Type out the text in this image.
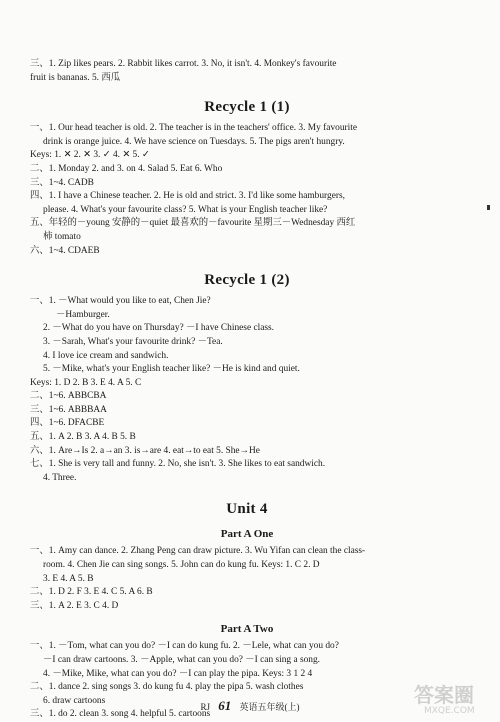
三、1. Zip likes pears. 2. Rabbit likes carrot. 3. No, it isn't. 4. Monkey's favourite
fruit is bananas. 5. 西瓜
Recycle 1 (1)
一、1. Our head teacher is old. 2. The teacher is in the teachers' office. 3. My favourite
drink is orange juice. 4. We have science on Tuesdays. 5. The pigs aren't hungry.
Keys: 1. ✕ 2. ✕ 3. ✓ 4. ✕ 5. ✓
二、1. Monday 2. and 3. on 4. Salad 5. Eat 6. Who
三、1~4. CADB
四、1. I have a Chinese teacher. 2. He is old and strict. 3. I'd like some hamburgers,
please. 4. What's your favourite class? 5. What is your English teacher like?
五、年轻的－young 安静的－quiet 最喜欢的－favourite 星期三－Wednesday 西红
柿 tomato
六、1~4. CDAEB
Recycle 1 (2)
一、1. －What would you like to eat, Chen Jie?
－Hamburger.
2. －What do you have on Thursday? －I have Chinese class.
3. －Sarah, What's your favourite drink? －Tea.
4. I love ice cream and sandwich.
5. －Mike, what's your English teacher like? －He is kind and quiet.
Keys: 1. D 2. B 3. E 4. A 5. C
二、1~6. ABBCBA
三、1~6. ABBBAA
四、1~6. DFACBE
五、1. A 2. B 3. A 4. B 5. B
六、1. Are→Is 2. a→an 3. is→are 4. eat→to eat 5. She→He
七、1. She is very tall and funny. 2. No, she isn't. 3. She likes to eat sandwich.
4. Three.
Unit 4
Part A One
一、1. Amy can dance. 2. Zhang Peng can draw picture. 3. Wu Yifan can clean the class-
room. 4. Chen Jie can sing songs. 5. John can do kung fu. Keys: 1. C 2. D
3. E 4. A 5. B
二、1. D 2. F 3. E 4. C 5. A 6. B
三、1. A 2. E 3. C 4. D
Part A Two
一、1. －Tom, what can you do? －I can do kung fu. 2. －Lele, what can you do?
－I can draw cartoons. 3. －Apple, what can you do? －I can sing a song.
4. －Mike, Mike, what can you do? －I can play the pipa. Keys: 3 1 2 4
二、1. dance 2. sing songs 3. do kung fu 4. play the pipa 5. wash clothes
6. draw cartoons
三、1. do 2. clean 3. song 4. helpful 5. cartoons
RJ 61 英语五年级(上)	答案圈
MXQE.COM
